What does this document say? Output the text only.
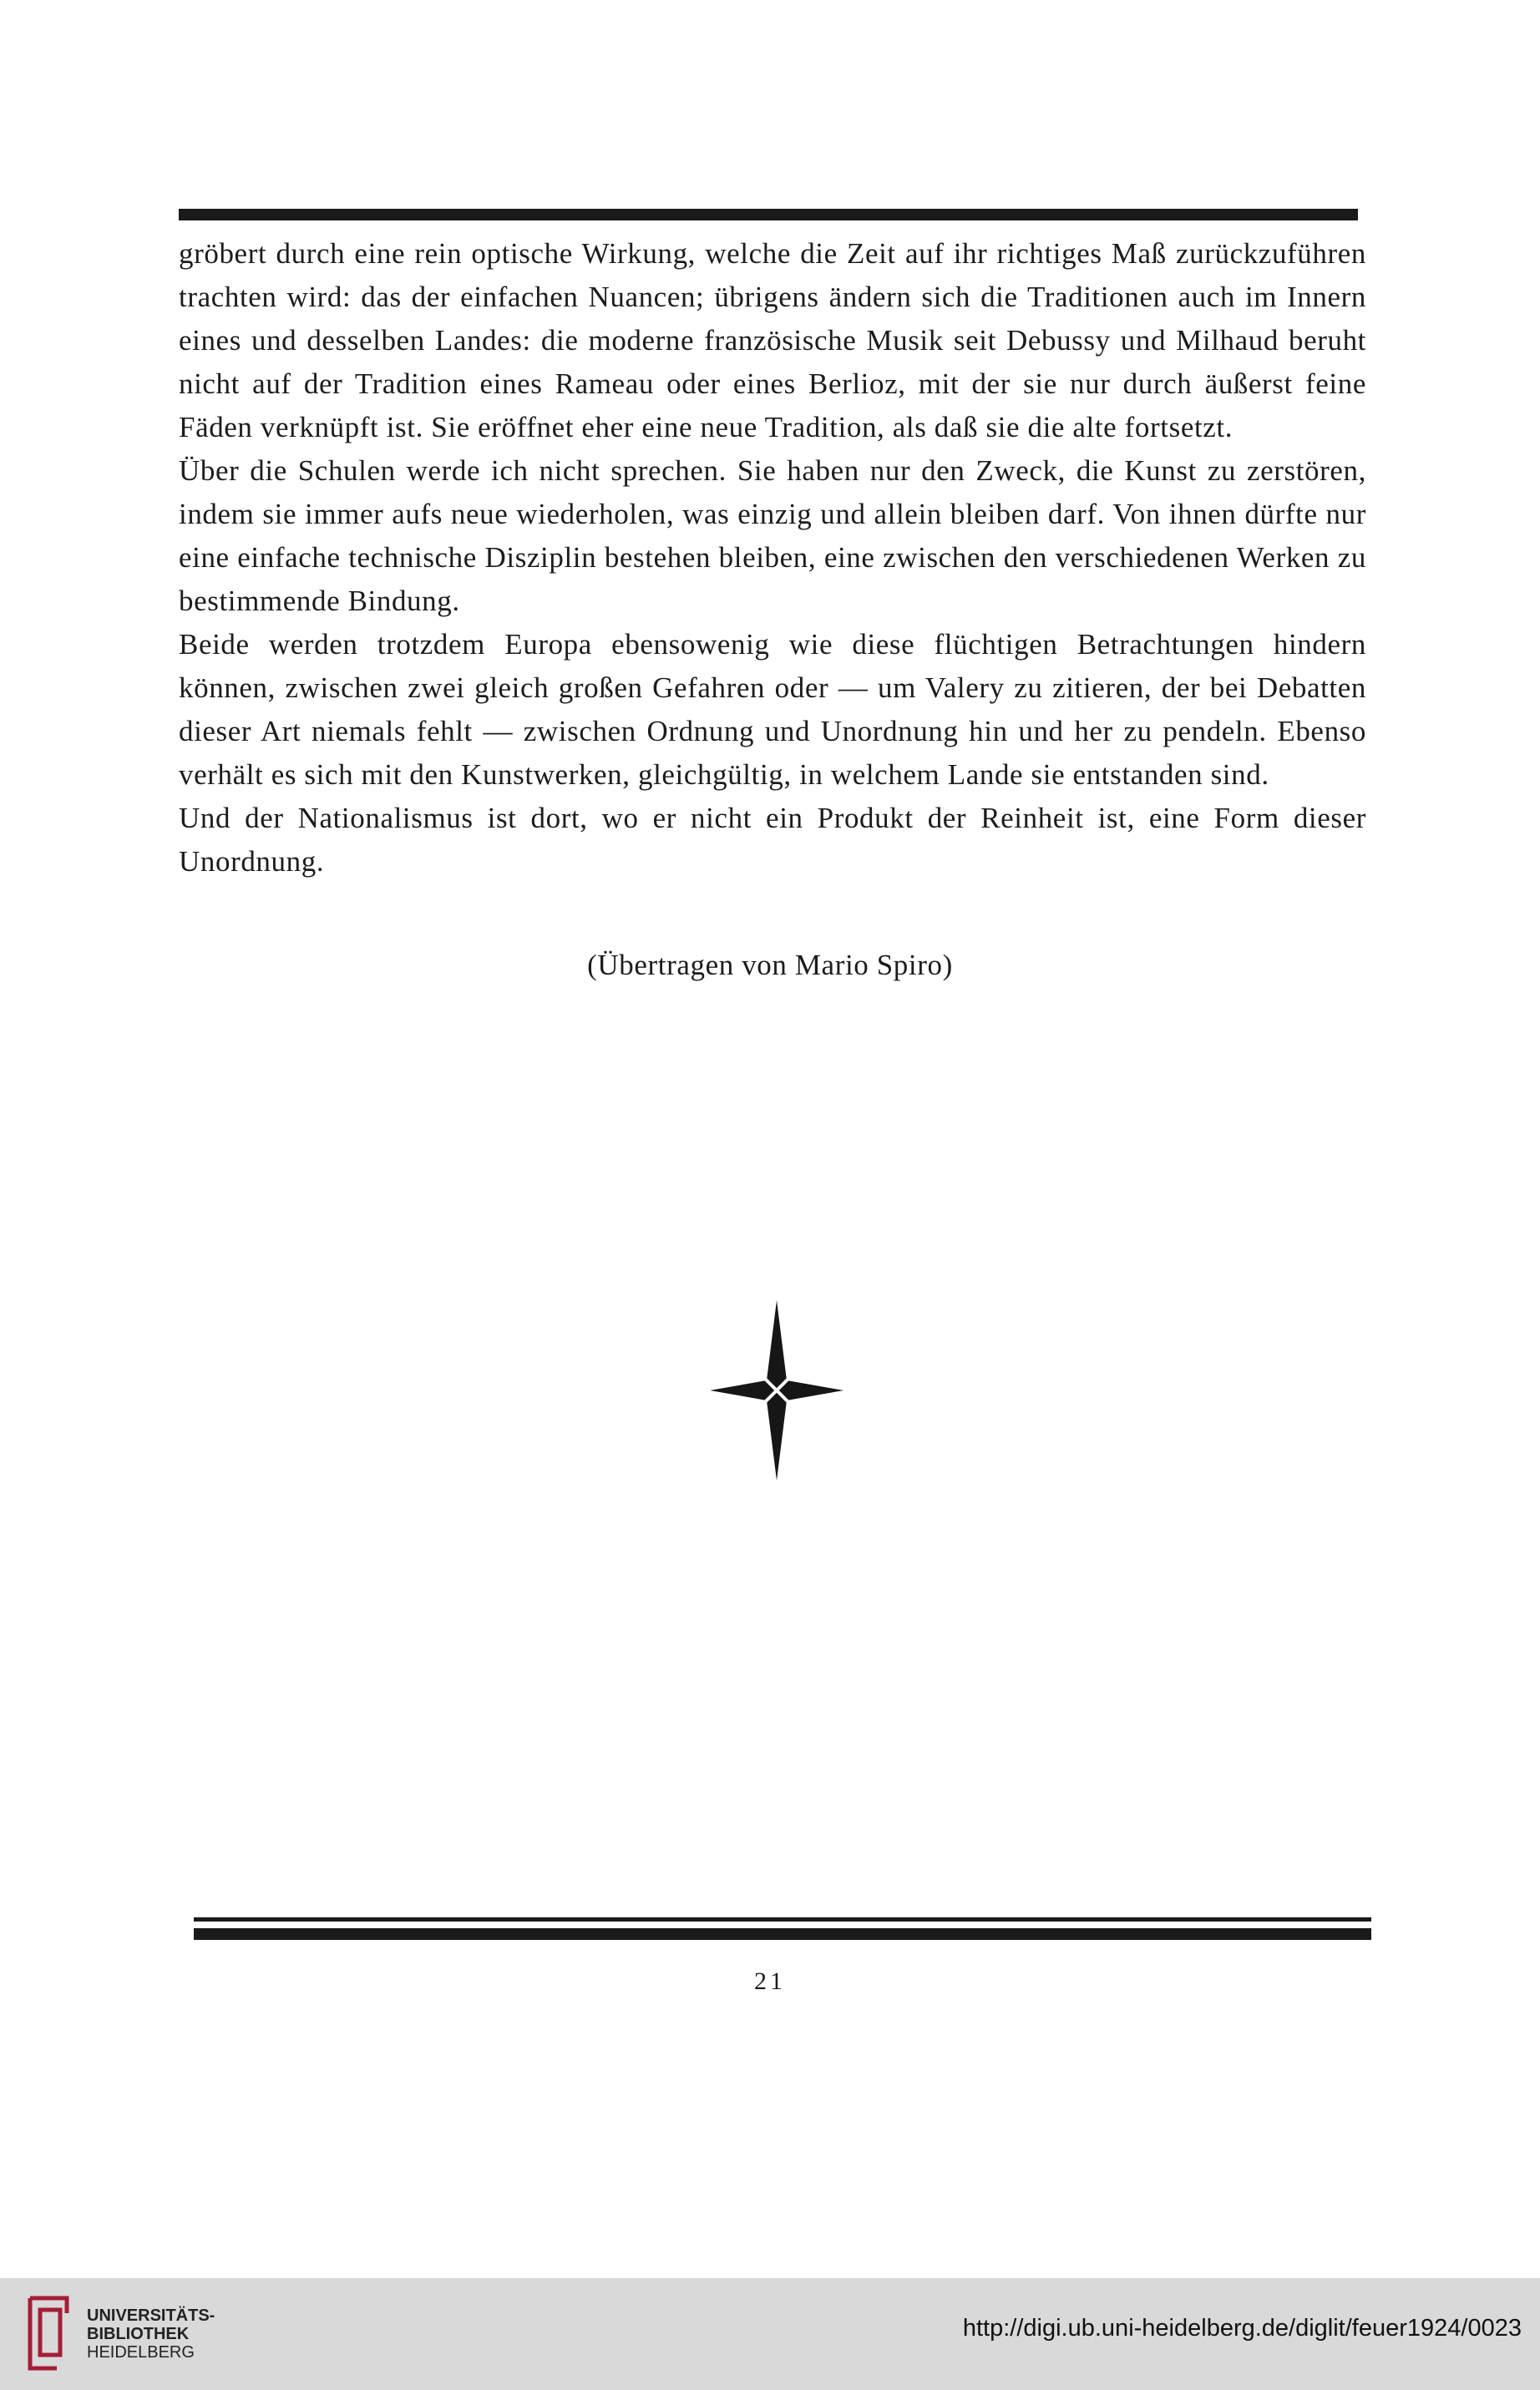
gröbert durch eine rein optische Wirkung, welche die Zeit auf ihr richtiges Maß zurückzuführen trachten wird: das der einfachen Nuancen; übrigens ändern sich die Traditionen auch im Innern eines und desselben Landes: die moderne französische Musik seit Debussy und Milhaud beruht nicht auf der Tradition eines Rameau oder eines Berlioz, mit der sie nur durch äußerst feine Fäden verknüpft ist. Sie eröffnet eher eine neue Tradition, als daß sie die alte fortsetzt.

Über die Schulen werde ich nicht sprechen. Sie haben nur den Zweck, die Kunst zu zerstören, indem sie immer aufs neue wiederholen, was einzig und allein bleiben darf. Von ihnen dürfte nur eine einfache technische Disziplin bestehen bleiben, eine zwischen den verschiedenen Werken zu bestimmende Bindung.

Beide werden trotzdem Europa ebensowenig wie diese flüchtigen Betrachtungen hindern können, zwischen zwei gleich großen Gefahren oder — um Valery zu zitieren, der bei Debatten dieser Art niemals fehlt — zwischen Ordnung und Unordnung hin und her zu pendeln. Ebenso verhält es sich mit den Kunstwerken, gleichgültig, in welchem Lande sie entstanden sind.

Und der Nationalismus ist dort, wo er nicht ein Produkt der Reinheit ist, eine Form dieser Unordnung.

(Übertragen von Mario Spiro)
21
UNIVERSITÄTS-
BIBLIOTHEK
HEIDELBERG
http://digi.ub.uni-heidelberg.de/diglit/feuer1924/0023
